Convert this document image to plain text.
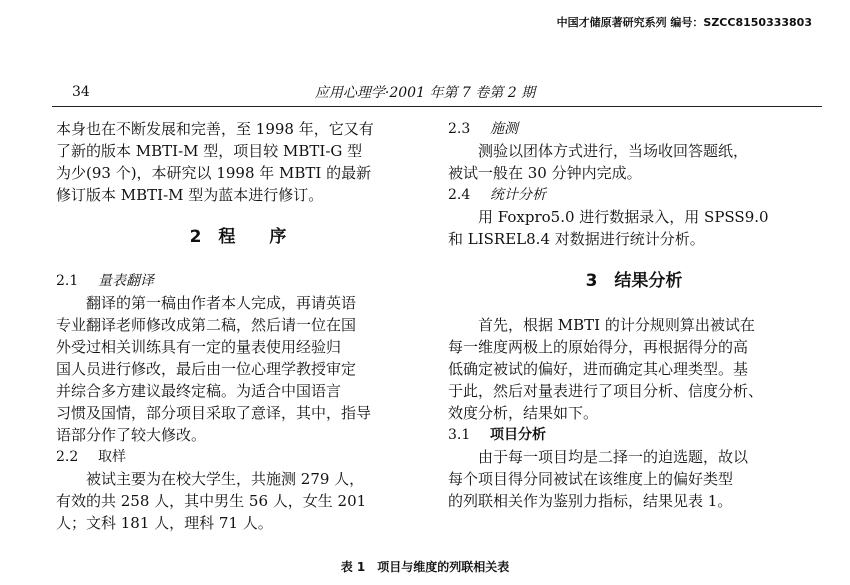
中国才储原著研究系列 编号：SZCC8150333803
34	应用心理学·2001 年第 7 卷第 2 期

本身也在不断发展和完善，至 1998 年，它又有

了新的版本 MBTI-M 型，项目较 MBTI-G 型

为少(93 个)，本研究以 1998 年 MBTI 的最新

修订版本 MBTI-M 型为蓝本进行修订。

2　程　　序

2.1 量表翻译

翻译的第一稿由作者本人完成，再请英语

专业翻译老师修改成第二稿，然后请一位在国

外受过相关训练具有一定的量表使用经验归

国人员进行修改，最后由一位心理学教授审定

并综合多方建议最终定稿。为适合中国语言

习惯及国情，部分项目采取了意译，其中，指导

语部分作了较大修改。

2.2 取样

被试主要为在校大学生，共施测 279 人，

有效的共 258 人，其中男生 56 人，女生 201

人；文科 181 人，理科 71 人。

2.3 施测

测验以团体方式进行，当场收回答题纸，

被试一般在 30 分钟内完成。

2.4 统计分析

用 Foxpro5.0 进行数据录入，用 SPSS9.0

和 LISREL8.4 对数据进行统计分析。

3　结果分析

首先，根据 MBTI 的计分规则算出被试在

每一维度两极上的原始得分，再根据得分的高

低确定被试的偏好，进而确定其心理类型。基

于此，然后对量表进行了项目分析、信度分析、

效度分析，结果如下。

3.1 项目分析

由于每一项目均是二择一的迫选题，故以

每个项目得分同被试在该维度上的偏好类型

的列联相关作为鉴别力指标，结果见表 1。

表 1　项目与维度的列联相关表
